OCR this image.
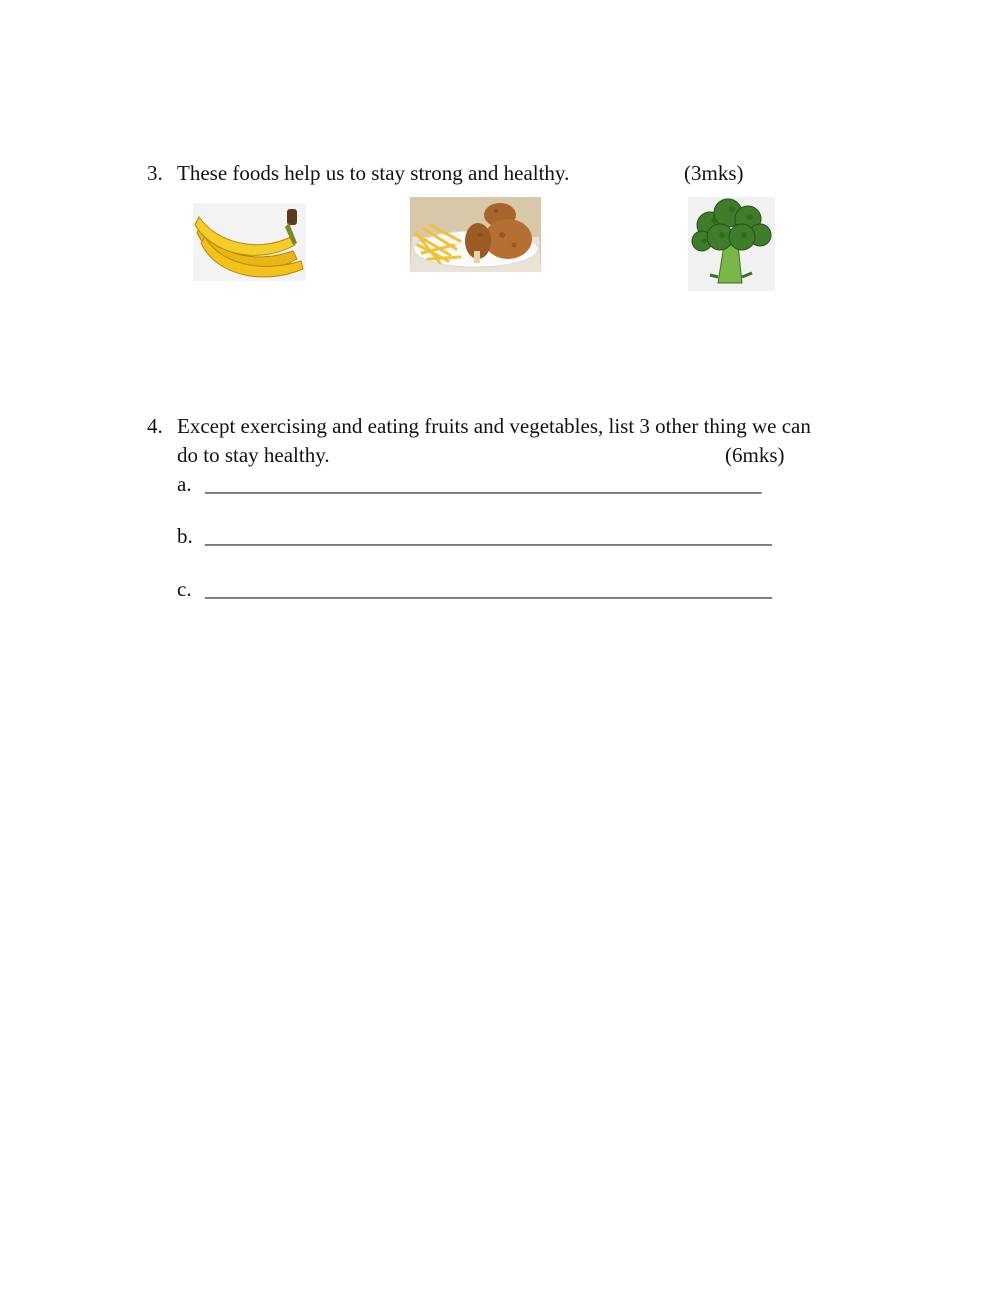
3. These foods help us to stay strong and healthy.	(3mks)
4. Except exercising and eating fruits and vegetables, list 3 other thing we can
do to stay healthy.	(6mks)
a. _____________________________________________________
b. ______________________________________________________
c. ______________________________________________________
